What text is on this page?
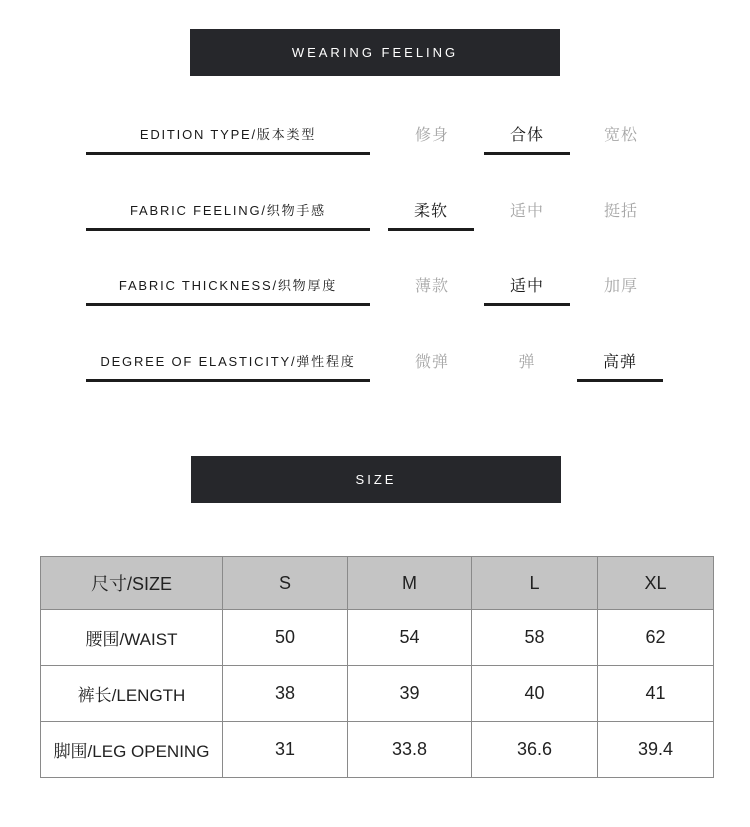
WEARING FEELING
EDITION TYPE/版本类型	修身	合体	宽松
FABRIC FEELING/织物手感	柔软	适中	挺括
FABRIC THICKNESS/织物厚度	薄款	适中	加厚
DEGREE OF ELASTICITY/弹性程度	微弹	弹	高弹
SIZE
尺寸/SIZE	S	M	L	XL
腰围/WAIST	50	54	58	62
裤长/LENGTH	38	39	40	41
脚围/LEG OPENING	31	33.8	36.6	39.4
